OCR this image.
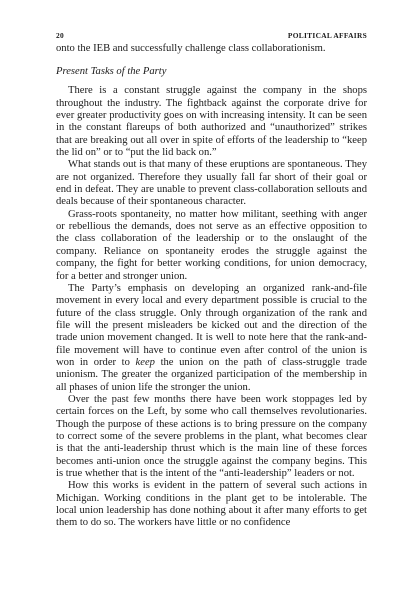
20	POLITICAL AFFAIRS

onto the IEB and successfully challenge class collaborationism.

Present Tasks of the Party

There is a constant struggle against the company in the shops throughout the industry. The fightback against the corporate drive for ever greater productivity goes on with increasing intensity. It can be seen in the constant flareups of both authorized and “unauthorized” strikes that are breaking out all over in spite of efforts of the leadership to “keep the lid on” or to “put the lid back on.”

What stands out is that many of these eruptions are spontaneous. They are not organized. Therefore they usually fall far short of their goal or end in defeat. They are unable to prevent class-collaboration sellouts and deals because of their spontaneous character.

Grass-roots spontaneity, no matter how militant, seething with anger or rebellious the demands, does not serve as an effective opposition to the class collaboration of the leadership or to the onslaught of the company. Reliance on spontaneity erodes the struggle against the company, the fight for better working conditions, for union democracy, for a better and stronger union.

The Party’s emphasis on developing an organized rank-and-file movement in every local and every department possible is crucial to the future of the class struggle. Only through organization of the rank and file will the present misleaders be kicked out and the direction of the trade union movement changed. It is well to note here that the rank-and-file movement will have to continue even after control of the union is won in order to keep the union on the path of class-struggle trade unionism. The greater the organized participation of the membership in all phases of union life the stronger the union.

Over the past few months there have been work stoppages led by certain forces on the Left, by some who call themselves revolutionaries. Though the purpose of these actions is to bring pressure on the company to correct some of the severe problems in the plant, what becomes clear is that the anti-leadership thrust which is the main line of these forces becomes anti-union once the struggle against the company begins. This is true whether that is the intent of the “anti-leadership” leaders or not.

How this works is evident in the pattern of several such actions in Michigan. Working conditions in the plant get to be intolerable. The local union leadership has done nothing about it after many efforts to get them to do so. The workers have little or no confidence
